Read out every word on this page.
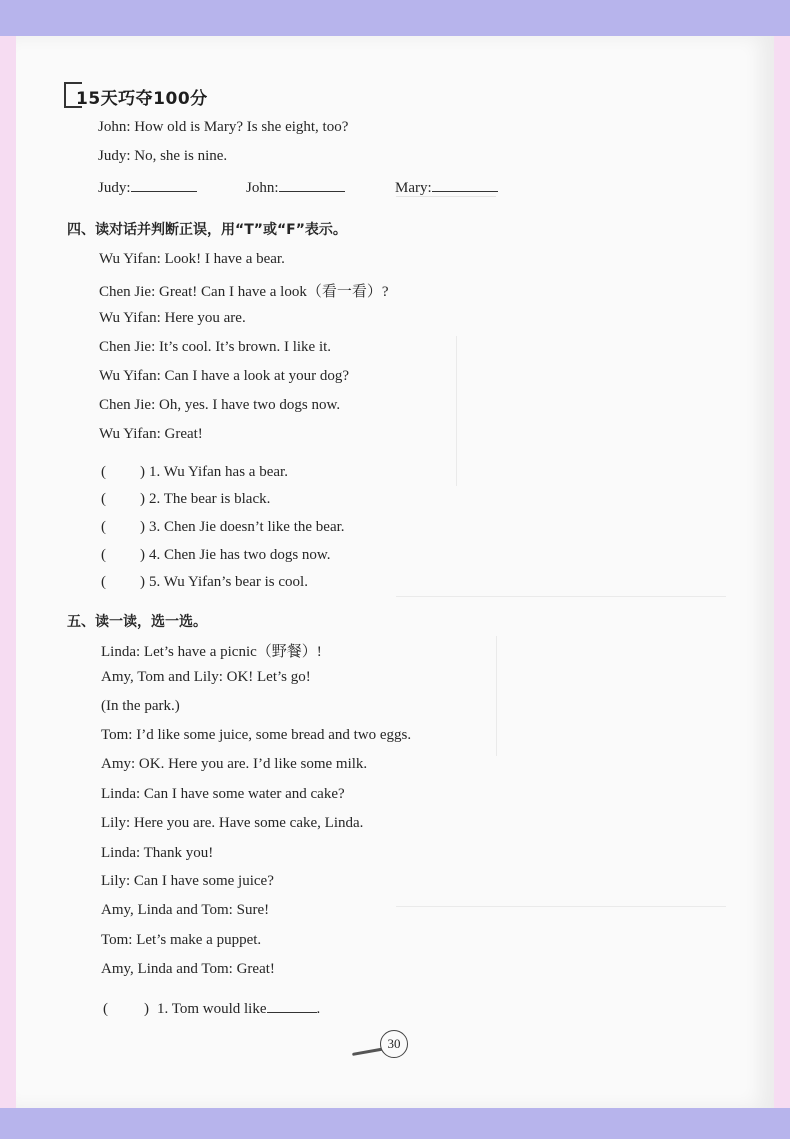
15天巧夺100分
John: How old is Mary? Is she eight, too?
Judy: No, she is nine.
Judy:	John:	Mary:
四、读对话并判断正误，用“T”或“F”表示。
Wu Yifan: Look! I have a bear.
Chen Jie: Great! Can I have a look（看一看）?
Wu Yifan: Here you are.
Chen Jie: It’s cool. It’s brown. I like it.
Wu Yifan: Can I have a look at your dog?
Chen Jie: Oh, yes. I have two dogs now.
Wu Yifan: Great!
( ) 1. Wu Yifan has a bear.
( ) 2. The bear is black.
( ) 3. Chen Jie doesn’t like the bear.
( ) 4. Chen Jie has two dogs now.
( ) 5. Wu Yifan’s bear is cool.
五、读一读，选一选。
Linda: Let’s have a picnic（野餐）!
Amy, Tom and Lily: OK! Let’s go!
(In the park.)
Tom: I’d like some juice, some bread and two eggs.
Amy: OK. Here you are. I’d like some milk.
Linda: Can I have some water and cake?
Lily: Here you are. Have some cake, Linda.
Linda: Thank you!
Lily: Can I have some juice?
Amy, Linda and Tom: Sure!
Tom: Let’s make a puppet.
Amy, Linda and Tom: Great!
( ) 1. Tom would like	.
30
